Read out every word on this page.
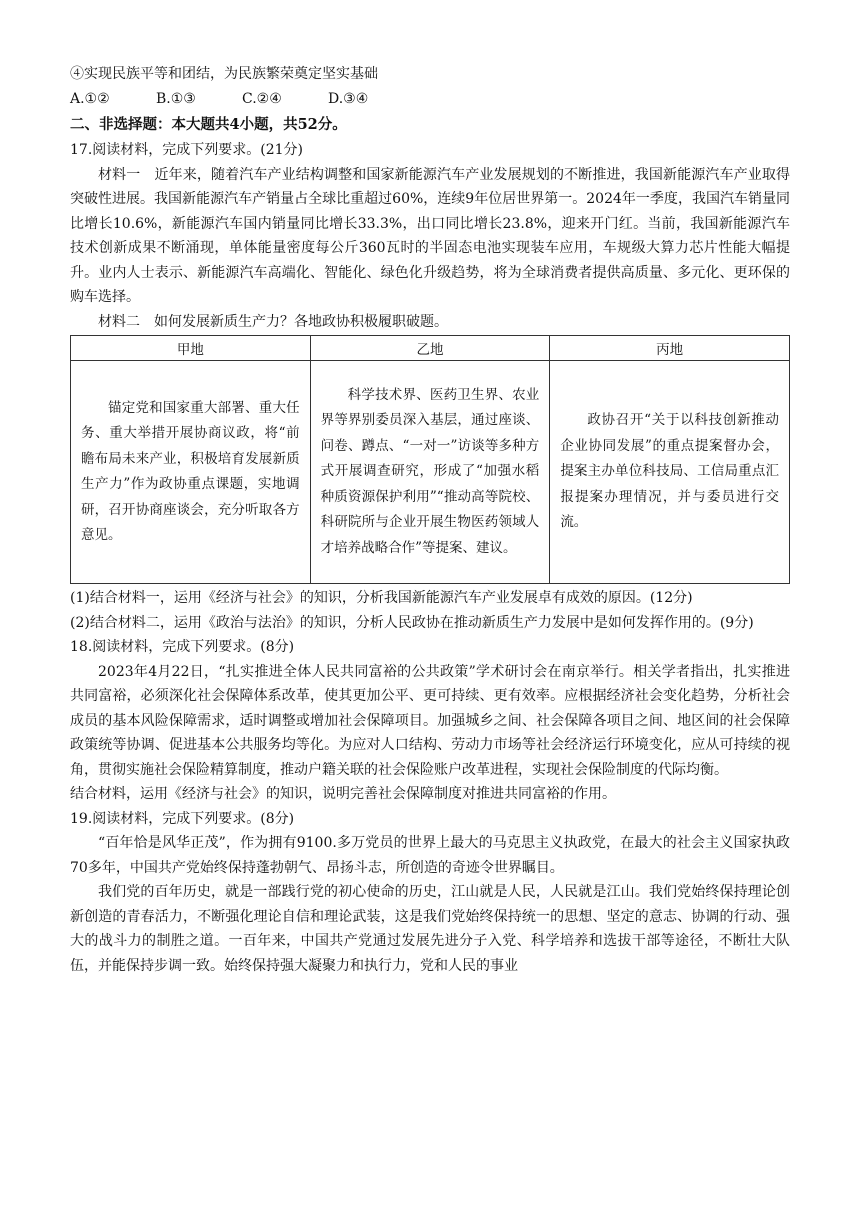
④实现民族平等和团结，为民族繁荣奠定坚实基础
A.①②	B.①③	C.②④	D.③④
二、非选择题：本大题共4小题，共52分。
17.阅读材料，完成下列要求。(21分)
材料一　近年来，随着汽车产业结构调整和国家新能源汽车产业发展规划的不断推进，我国新能源汽车产业取得突破性进展。我国新能源汽车产销量占全球比重超过60%，连续9年位居世界第一。2024年一季度，我国汽车销量同比增长10.6%，新能源汽车国内销量同比增长33.3%，出口同比增长23.8%，迎来开门红。当前，我国新能源汽车技术创新成果不断涌现，单体能量密度每公斤360瓦时的半固态电池实现装车应用，车规级大算力芯片性能大幅提升。业内人士表示、新能源汽车高端化、智能化、绿色化升级趋势，将为全球消费者提供高质量、多元化、更环保的购车选择。
材料二　如何发展新质生产力？各地政协积极履职破题。
甲地	乙地	丙地
锚定党和国家重大部署、重大任务、重大举措开展协商议政，将“前瞻布局未来产业，积极培育发展新质生产力”作为政协重点课题，实地调研，召开协商座谈会，充分听取各方意见。	科学技术界、医药卫生界、农业界等界别委员深入基层，通过座谈、问卷、蹲点、“一对一”访谈等多种方式开展调查研究，形成了“加强水稻种质资源保护利用”“推动高等院校、科研院所与企业开展生物医药领域人才培养战略合作”等提案、建议。	政协召开“关于以科技创新推动企业协同发展”的重点提案督办会，提案主办单位科技局、工信局重点汇报提案办理情况，并与委员进行交流。
(1)结合材料一，运用《经济与社会》的知识，分析我国新能源汽车产业发展卓有成效的原因。(12分)
(2)结合材料二，运用《政治与法治》的知识，分析人民政协在推动新质生产力发展中是如何发挥作用的。(9分)
18.阅读材料，完成下列要求。(8分)
2023年4月22日，“扎实推进全体人民共同富裕的公共政策”学术研讨会在南京举行。相关学者指出，扎实推进共同富裕，必须深化社会保障体系改革，使其更加公平、更可持续、更有效率。应根据经济社会变化趋势，分析社会成员的基本风险保障需求，适时调整或增加社会保障项目。加强城乡之间、社会保障各项目之间、地区间的社会保障政策统等协调、促进基本公共服务均等化。为应对人口结构、劳动力市场等社会经济运行环境变化，应从可持续的视角，贯彻实施社会保险精算制度，推动户籍关联的社会保险账户改革进程，实现社会保险制度的代际均衡。
结合材料，运用《经济与社会》的知识，说明完善社会保障制度对推进共同富裕的作用。
19.阅读材料，完成下列要求。(8分)
“百年恰是风华正茂”，作为拥有9100.多万党员的世界上最大的马克思主义执政党，在最大的社会主义国家执政70多年，中国共产党始终保持蓬勃朝气、昂扬斗志，所创造的奇迹令世界瞩目。
我们党的百年历史，就是一部践行党的初心使命的历史，江山就是人民，人民就是江山。我们党始终保持理论创新创造的青春活力，不断强化理论自信和理论武装，这是我们党始终保持统一的思想、坚定的意志、协调的行动、强大的战斗力的制胜之道。一百年来，中国共产党通过发展先进分子入党、科学培养和选拔干部等途径，不断壮大队伍，并能保持步调一致。始终保持强大凝聚力和执行力，党和人民的事业
